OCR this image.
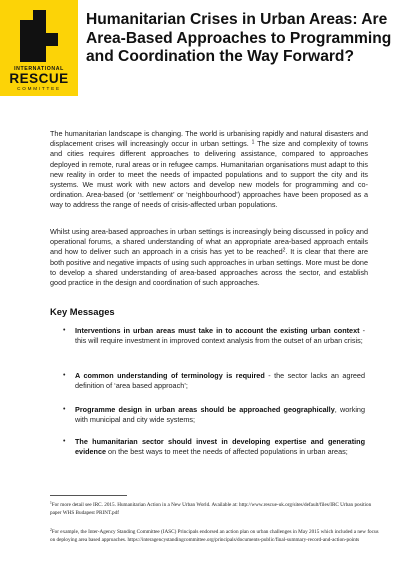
INTERNATIONAL
RESCUE
COMMITTEE
Humanitarian Crises in Urban Areas: Are Area-Based Approaches to Programming and Coordination the Way Forward?

The humanitarian landscape is changing. The world is urbanising rapidly and natural disasters and displacement crises will increasingly occur in urban settings. $^1$ The size and complexity of towns and cities requires different approaches to delivering assistance, compared to approaches deployed in remote, rural areas or in refugee camps. Humanitarian organisations must adapt to this new reality in order to meet the needs of impacted populations and to support the city and its systems. We must work with new actors and develop new models for programming and co-ordination. Area-based (or ‘settlement’ or ‘neighbourhood’) approaches have been proposed as a way to address the range of needs of crisis-affected urban populations.

Whilst using area-based approaches in urban settings is increasingly being discussed in policy and operational forums, a shared understanding of what an appropriate area-based approach entails and how to deliver such an approach in a crisis has yet to be reached$^2$. It is clear that there are both positive and negative impacts of using such approaches in urban settings. More must be done to develop a shared understanding of area-based approaches across the sector, and establish good practice in the design and coordination of such approaches.

Key Messages
• Interventions in urban areas must take in to account the existing urban context - this will require investment in improved context analysis from the outset of an urban crisis;

• A common understanding of terminology is required - the sector lacks an agreed definition of ‘area based approach’;

• Programme design in urban areas should be approached geographically, working with municipal and city wide systems;

• The humanitarian sector should invest in developing expertise and generating evidence on the best ways to meet the needs of affected populations in urban areas;

$^1$For more detail see IRC. 2015. Humanitarian Action in a New Urban World. Available at: http://www.rescue-uk.org/sites/default/files/IRC Urban position paper WHS Budapest PRINT.pdf

$^2$For example, the Inter-Agency Standing Committee (IASC) Principals endorsed an action plan on urban challenges in May 2015 which included a new focus on deploying area based approaches. https://interagencystandingcommittee.org/principals/documents-public/final-summary-record-and-action-points
